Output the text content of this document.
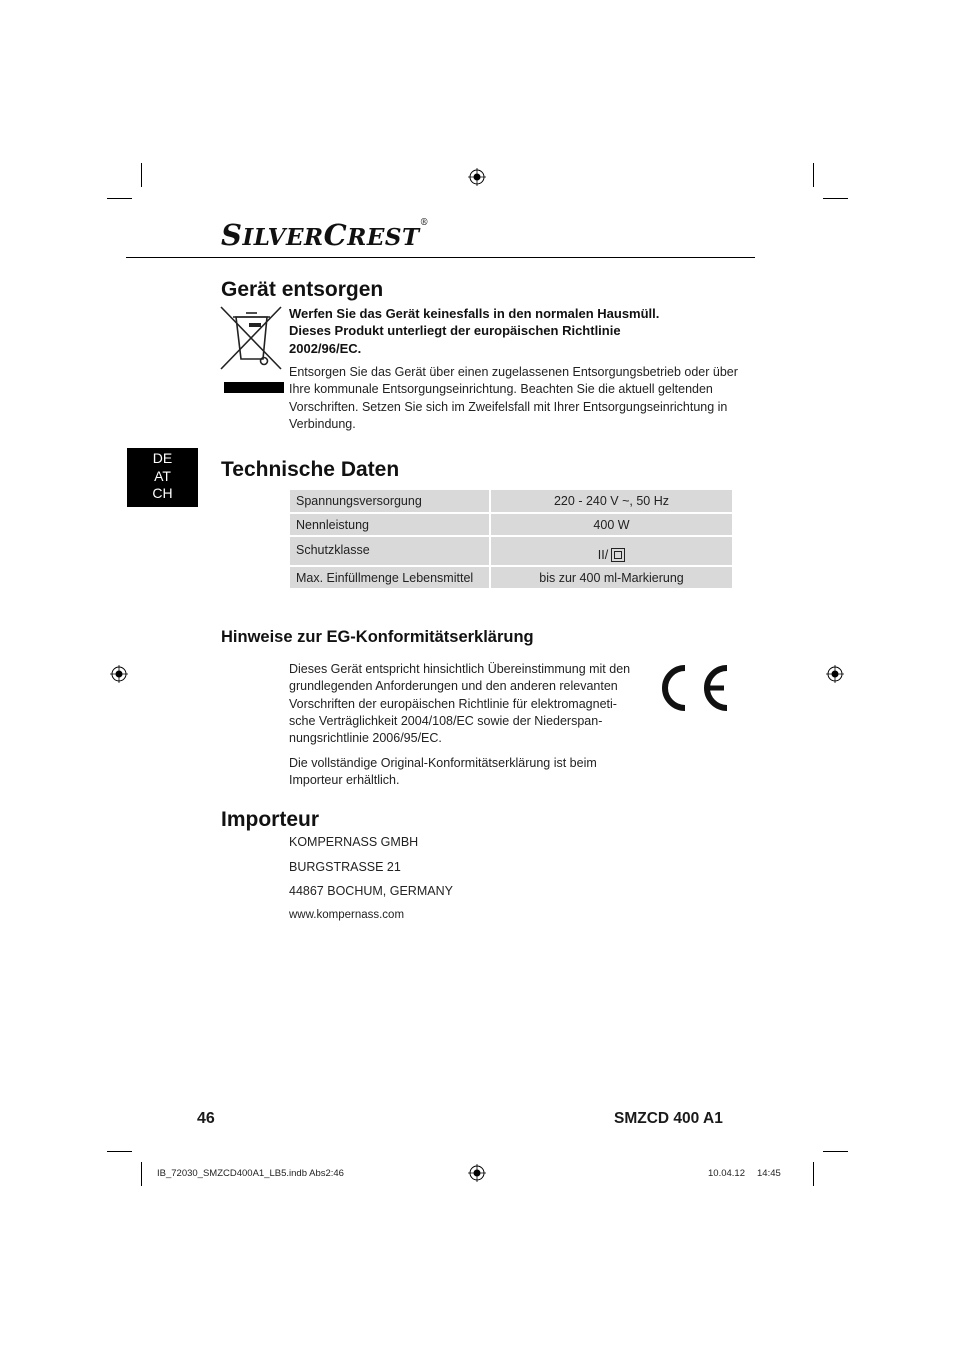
SILVERCREST®
Gerät entsorgen
Werfen Sie das Gerät keinesfalls in den normalen Hausmüll.
Dieses Produkt unterliegt der europäischen Richtlinie
2002/96/EC.
Entsorgen Sie das Gerät über einen zugelassenen Entsorgungsbetrieb oder über
Ihre kommunale Entsorgungseinrichtung. Beachten Sie die aktuell geltenden
Vorschriften. Setzen Sie sich im Zweifelsfall mit Ihrer Entsorgungseinrichtung in
Verbindung.
DE
AT
CH
Technische Daten
Spannungsversorgung	220 - 240 V ~, 50 Hz
Nennleistung	400 W
Schutzklasse	II/
Max. Einfüllmenge Lebensmittel	bis zur 400 ml-Markierung
Hinweise zur EG-Konformitätserklärung
Dieses Gerät entspricht hinsichtlich Übereinstimmung mit den
grundlegenden Anforderungen und den anderen relevanten
Vorschriften der europäischen Richtlinie für elektromagneti-
sche Verträglichkeit 2004/108/EC sowie der Niederspan-
nungsrichtlinie 2006/95/EC.
Die vollständige Original-Konformitätserklärung ist beim
Importeur erhältlich.
Importeur
KOMPERNASS GMBH
BURGSTRASSE 21
44867 BOCHUM, GERMANY
www.kompernass.com
46	SMZCD 400 A1
IB_72030_SMZCD400A1_LB5.indb Abs2:46	10.04.12 14:45
